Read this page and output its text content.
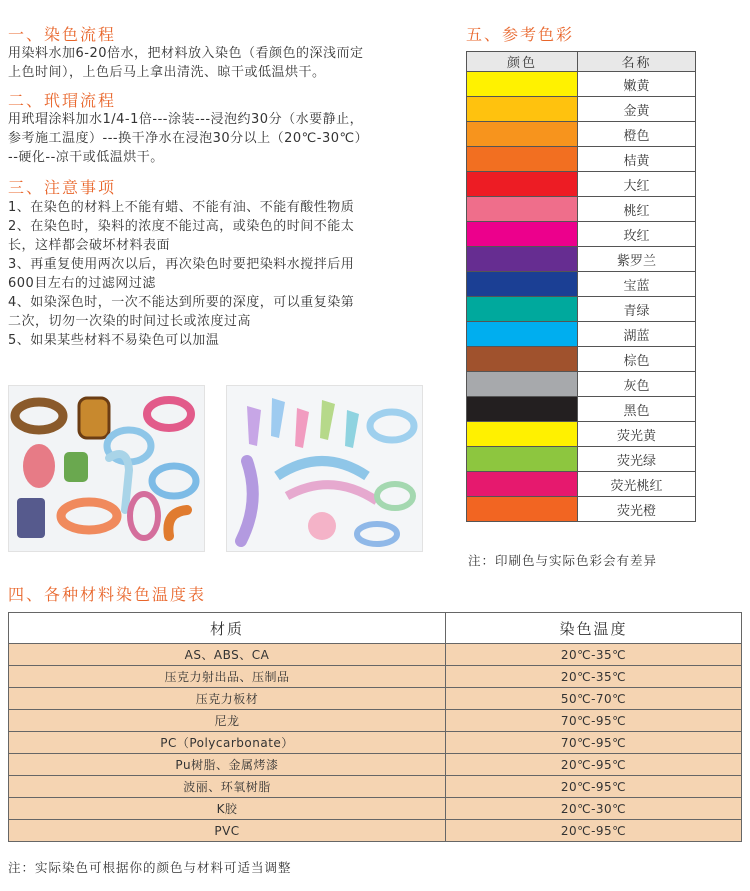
一、染色流程
用染料水加6-20倍水，把材料放入染色（看颜色的深浅而定
上色时间），上色后马上拿出清洗、晾干或低温烘干。
二、玳瑁流程
用玳瑁涂料加水1/4-1倍---涂装---浸泡约30分（水要静止，
参考施工温度）---换干净水在浸泡30分以上（20℃-30℃）
--硬化--凉干或低温烘干。
三、注意事项
1、在染色的材料上不能有蜡、不能有油、不能有酸性物质
2、在染色时，染料的浓度不能过高，或染色的时间不能太
长，这样都会破坏材料表面
3、再重复使用两次以后，再次染色时要把染料水搅拌后用
600目左右的过滤网过滤
4、如染深色时，一次不能达到所要的深度，可以重复染第
二次，切勿一次染的时间过长或浓度过高
5、如果某些材料不易染色可以加温
五、参考色彩
颜色	名称
	嫩黄
	金黄
	橙色
	桔黄
	大红
	桃红
	玫红
	紫罗兰
	宝蓝
	青绿
	湖蓝
	棕色
	灰色
	黑色
	荧光黄
	荧光绿
	荧光桃红
	荧光橙
注：印刷色与实际色彩会有差异
四、各种材料染色温度表
材质	染色温度
AS、ABS、CA	20℃-35℃
压克力射出品、压制品	20℃-35℃
压克力板材	50℃-70℃
尼龙	70℃-95℃
PC（Polycarbonate）	70℃-95℃
Pu树脂、金属烤漆	20℃-95℃
波丽、环氧树脂	20℃-95℃
K胶	20℃-30℃
PVC	20℃-95℃
注：实际染色可根据你的颜色与材料可适当调整
